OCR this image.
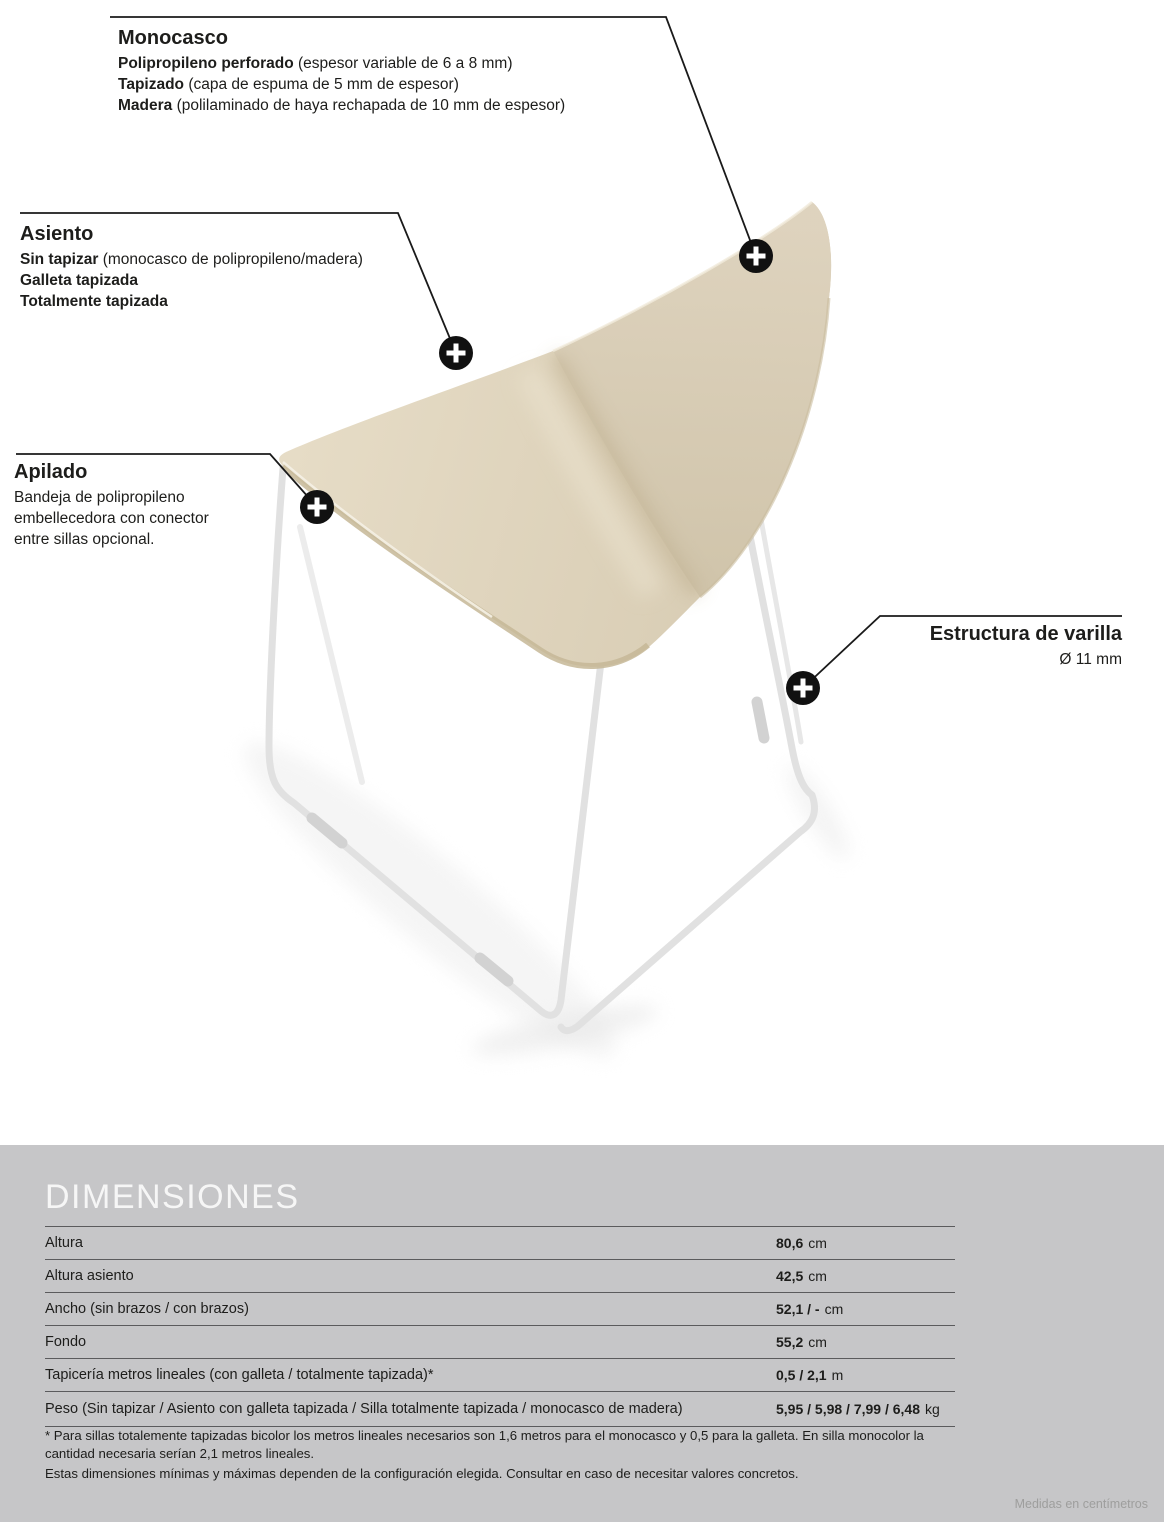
Monocasco
Polipropileno perforado (espesor variable de 6 a 8 mm)
Tapizado (capa de espuma de 5 mm de espesor)
Madera (polilaminado de haya rechapada de 10 mm de espesor)
Asiento
Sin tapizar (monocasco de polipropileno/madera)
Galleta tapizada
Totalmente tapizada
Apilado
Bandeja de polipropileno
embellecedora con conector
entre sillas opcional.
Estructura de varilla
Ø 11 mm
DIMENSIONES
Altura	80,6 cm
Altura asiento	42,5 cm
Ancho (sin brazos / con brazos)	52,1 / - cm
Fondo	55,2 cm
Tapicería metros lineales (con galleta / totalmente tapizada)*	0,5 / 2,1 m
Peso (Sin tapizar / Asiento con galleta tapizada / Silla totalmente tapizada / monocasco de madera)	5,95 / 5,98 / 7,99 / 6,48 kg
* Para sillas totalemente tapizadas bicolor los metros lineales necesarios son 1,6 metros para el monocasco y 0,5 para la galleta. En silla monocolor la cantidad necesaria serían 2,1 metros lineales.
Estas dimensiones mínimas y máximas dependen de la configuración elegida. Consultar en caso de necesitar valores concretos.
Medidas en centímetros
